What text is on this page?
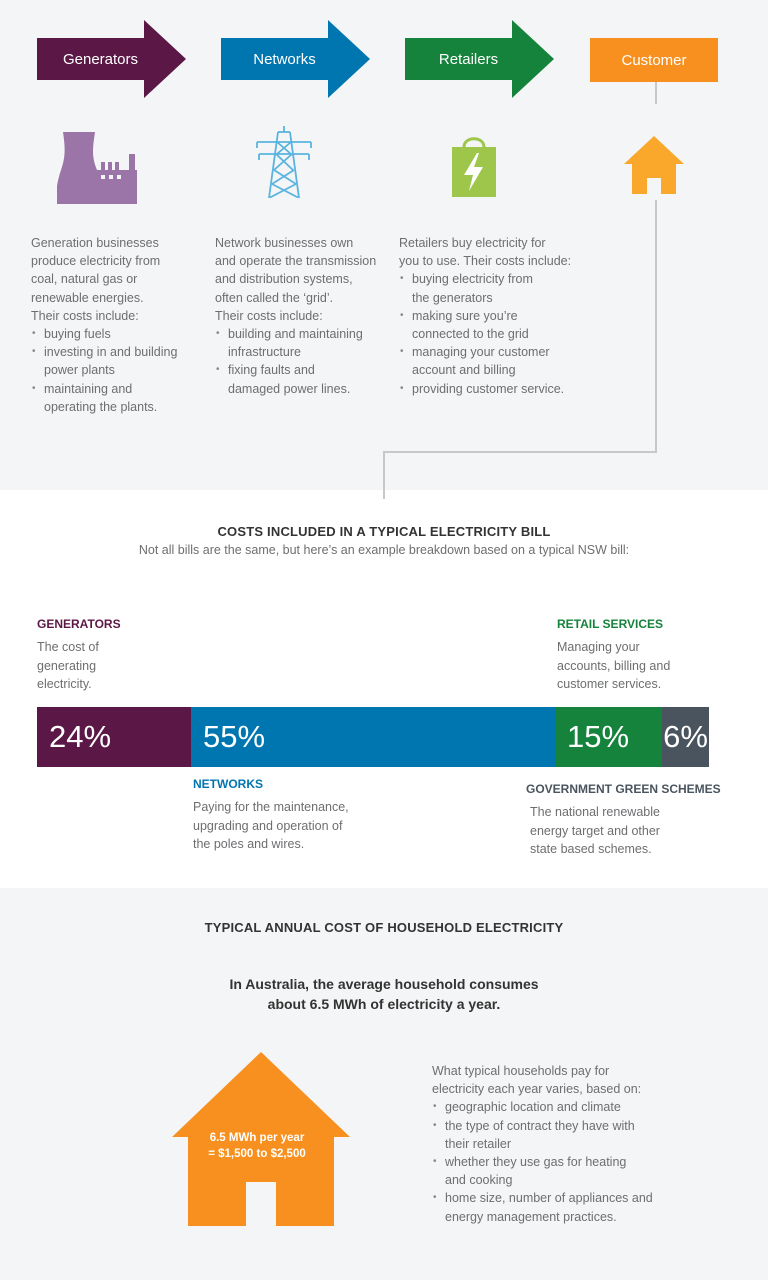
Generators	Networks	Retailers	Customer
Generation businesses
produce electricity from
coal, natural gas or
renewable energies.
Their costs include:
• buying fuels
• investing in and building
power plants
• maintaining and
operating the plants.
Network businesses own
and operate the transmission
and distribution systems,
often called the ‘grid’.
Their costs include:
• building and maintaining
infrastructure
• fixing faults and
damaged power lines.
Retailers buy electricity for
you to use. Their costs include:
• buying electricity from
the generators
• making sure you’re
connected to the grid
• managing your customer
account and billing
• providing customer service.
COSTS INCLUDED IN A TYPICAL ELECTRICITY BILL
Not all bills are the same, but here’s an example breakdown based on a typical NSW bill:
GENERATORS
The cost of
generating
electricity.
RETAIL SERVICES
Managing your
accounts, billing and
customer services.
24%	55%	15% 6%
NETWORKS
Paying for the maintenance,
upgrading and operation of
the poles and wires.
GOVERNMENT GREEN SCHEMES
The national renewable
energy target and other
state based schemes.
TYPICAL ANNUAL COST OF HOUSEHOLD ELECTRICITY
In Australia, the average household consumes
about 6.5 MWh of electricity a year.
6.5 MWh per year
= $1,500 to $2,500
What typical households pay for
electricity each year varies, based on:
• geographic location and climate
• the type of contract they have with
their retailer
• whether they use gas for heating
and cooking
• home size, number of appliances and
energy management practices.
